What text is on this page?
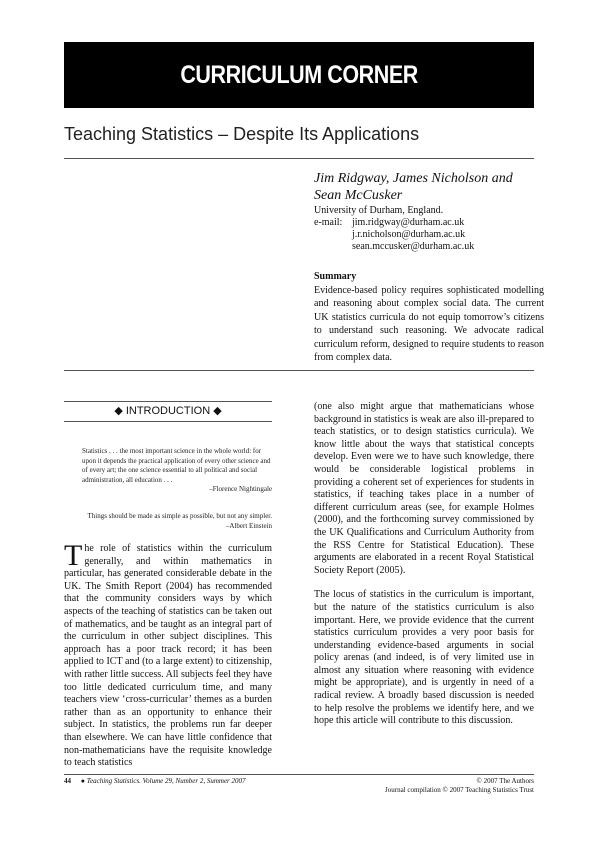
CURRICULUM CORNER
Teaching Statistics – Despite Its Applications
Jim Ridgway, James Nicholson and Sean McCusker
University of Durham, England.
e-mail: jim.ridgway@durham.ac.uk
j.r.nicholson@durham.ac.uk
sean.mccusker@durham.ac.uk
Summary
Evidence-based policy requires sophisticated modelling and reasoning about complex social data. The current UK statistics curricula do not equip tomorrow’s citizens to understand such reasoning. We advocate radical curriculum reform, designed to require students to reason from complex data.
◆ INTRODUCTION ◆
Statistics . . . the most important science in the whole world: for upon it depends the practical application of every other science and of every art; the one science essential to all political and social administration, all education . . .
–Florence Nightingale
Things should be made as simple as possible, but not any simpler.
–Albert Einstein
The role of statistics within the curriculum generally, and within mathematics in particular, has generated considerable debate in the UK. The Smith Report (2004) has recommended that the community considers ways by which aspects of the teaching of statistics can be taken out of mathematics, and be taught as an integral part of the curriculum in other subject disciplines. This approach has a poor track record; it has been applied to ICT and (to a large extent) to citizenship, with rather little success. All subjects feel they have too little dedicated curriculum time, and many teachers view ‘cross-curricular’ themes as a burden rather than as an opportunity to enhance their subject. In statistics, the problems run far deeper than elsewhere. We can have little confidence that non-mathematicians have the requisite knowledge to teach statistics

(one also might argue that mathematicians whose background in statistics is weak are also ill-prepared to teach statistics, or to design statistics curricula). We know little about the ways that statistical concepts develop. Even were we to have such knowledge, there would be considerable logistical problems in providing a coherent set of experiences for students in statistics, if teaching takes place in a number of different curriculum areas (see, for example Holmes (2000), and the forthcoming survey commissioned by the UK Qualifications and Curriculum Authority from the RSS Centre for Statistical Education). These arguments are elaborated in a recent Royal Statistical Society Report (2005).

The locus of statistics in the curriculum is important, but the nature of the statistics curriculum is also important. Here, we provide evidence that the current statistics curriculum provides a very poor basis for understanding evidence-based arguments in social policy arenas (and indeed, is of very limited use in almost any situation where reasoning with evidence might be appropriate), and is urgently in need of a radical review. A broadly based discussion is needed to help resolve the problems we identify here, and we hope this article will contribute to this discussion.

44 ● Teaching Statistics. Volume 29, Number 2, Summer 2007	© 2007 The Authors
Journal compilation © 2007 Teaching Statistics Trust
